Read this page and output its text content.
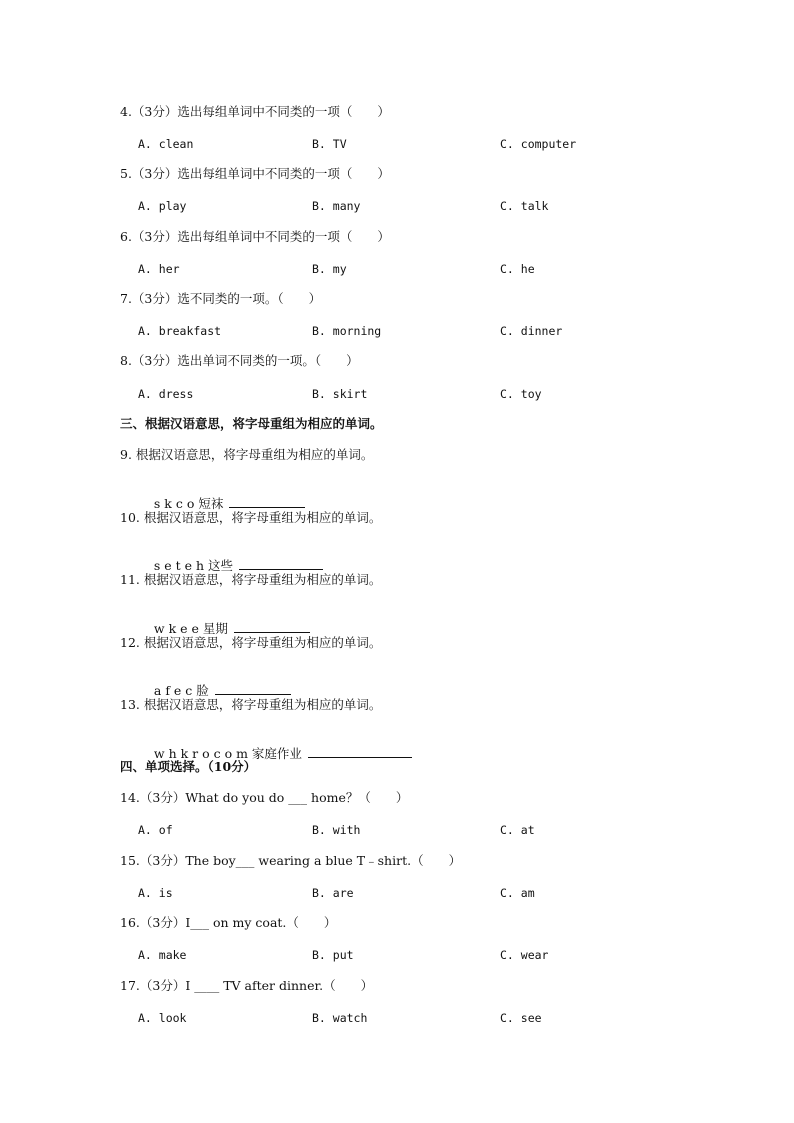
4.（3分）选出每组单词中不同类的一项（　　）
A. clean	B. TV	C. computer
5.（3分）选出每组单词中不同类的一项（　　）
A. play	B. many	C. talk
6.（3分）选出每组单词中不同类的一项（　　）
A. her	B. my	C. he
7.（3分）选不同类的一项。（　　）
A. breakfast	B. morning	C. dinner
8.（3分）选出单词不同类的一项。（　　）
A. dress	B. skirt	C. toy
三、根据汉语意思，将字母重组为相应的单词。
9. 根据汉语意思，将字母重组为相应的单词。

s k c o 短袜

10. 根据汉语意思，将字母重组为相应的单词。

s e t e h 这些

11. 根据汉语意思，将字母重组为相应的单词。

w k e e 星期

12. 根据汉语意思，将字母重组为相应的单词。

a f e c 脸

13. 根据汉语意思，将字母重组为相应的单词。

w h k r o c o m 家庭作业

四、单项选择。（10分）
14.（3分）What do you do ___ home？（　　）
A. of	B. with	C. at
15.（3分）The boy___ wearing a blue T﹣shirt.（　　）
A. is	B. are	C. am
16.（3分）I___ on my coat.（　　）
A. make	B. put	C. wear
17.（3分）I ____ TV after dinner.（　　）
A. look	B. watch	C. see
